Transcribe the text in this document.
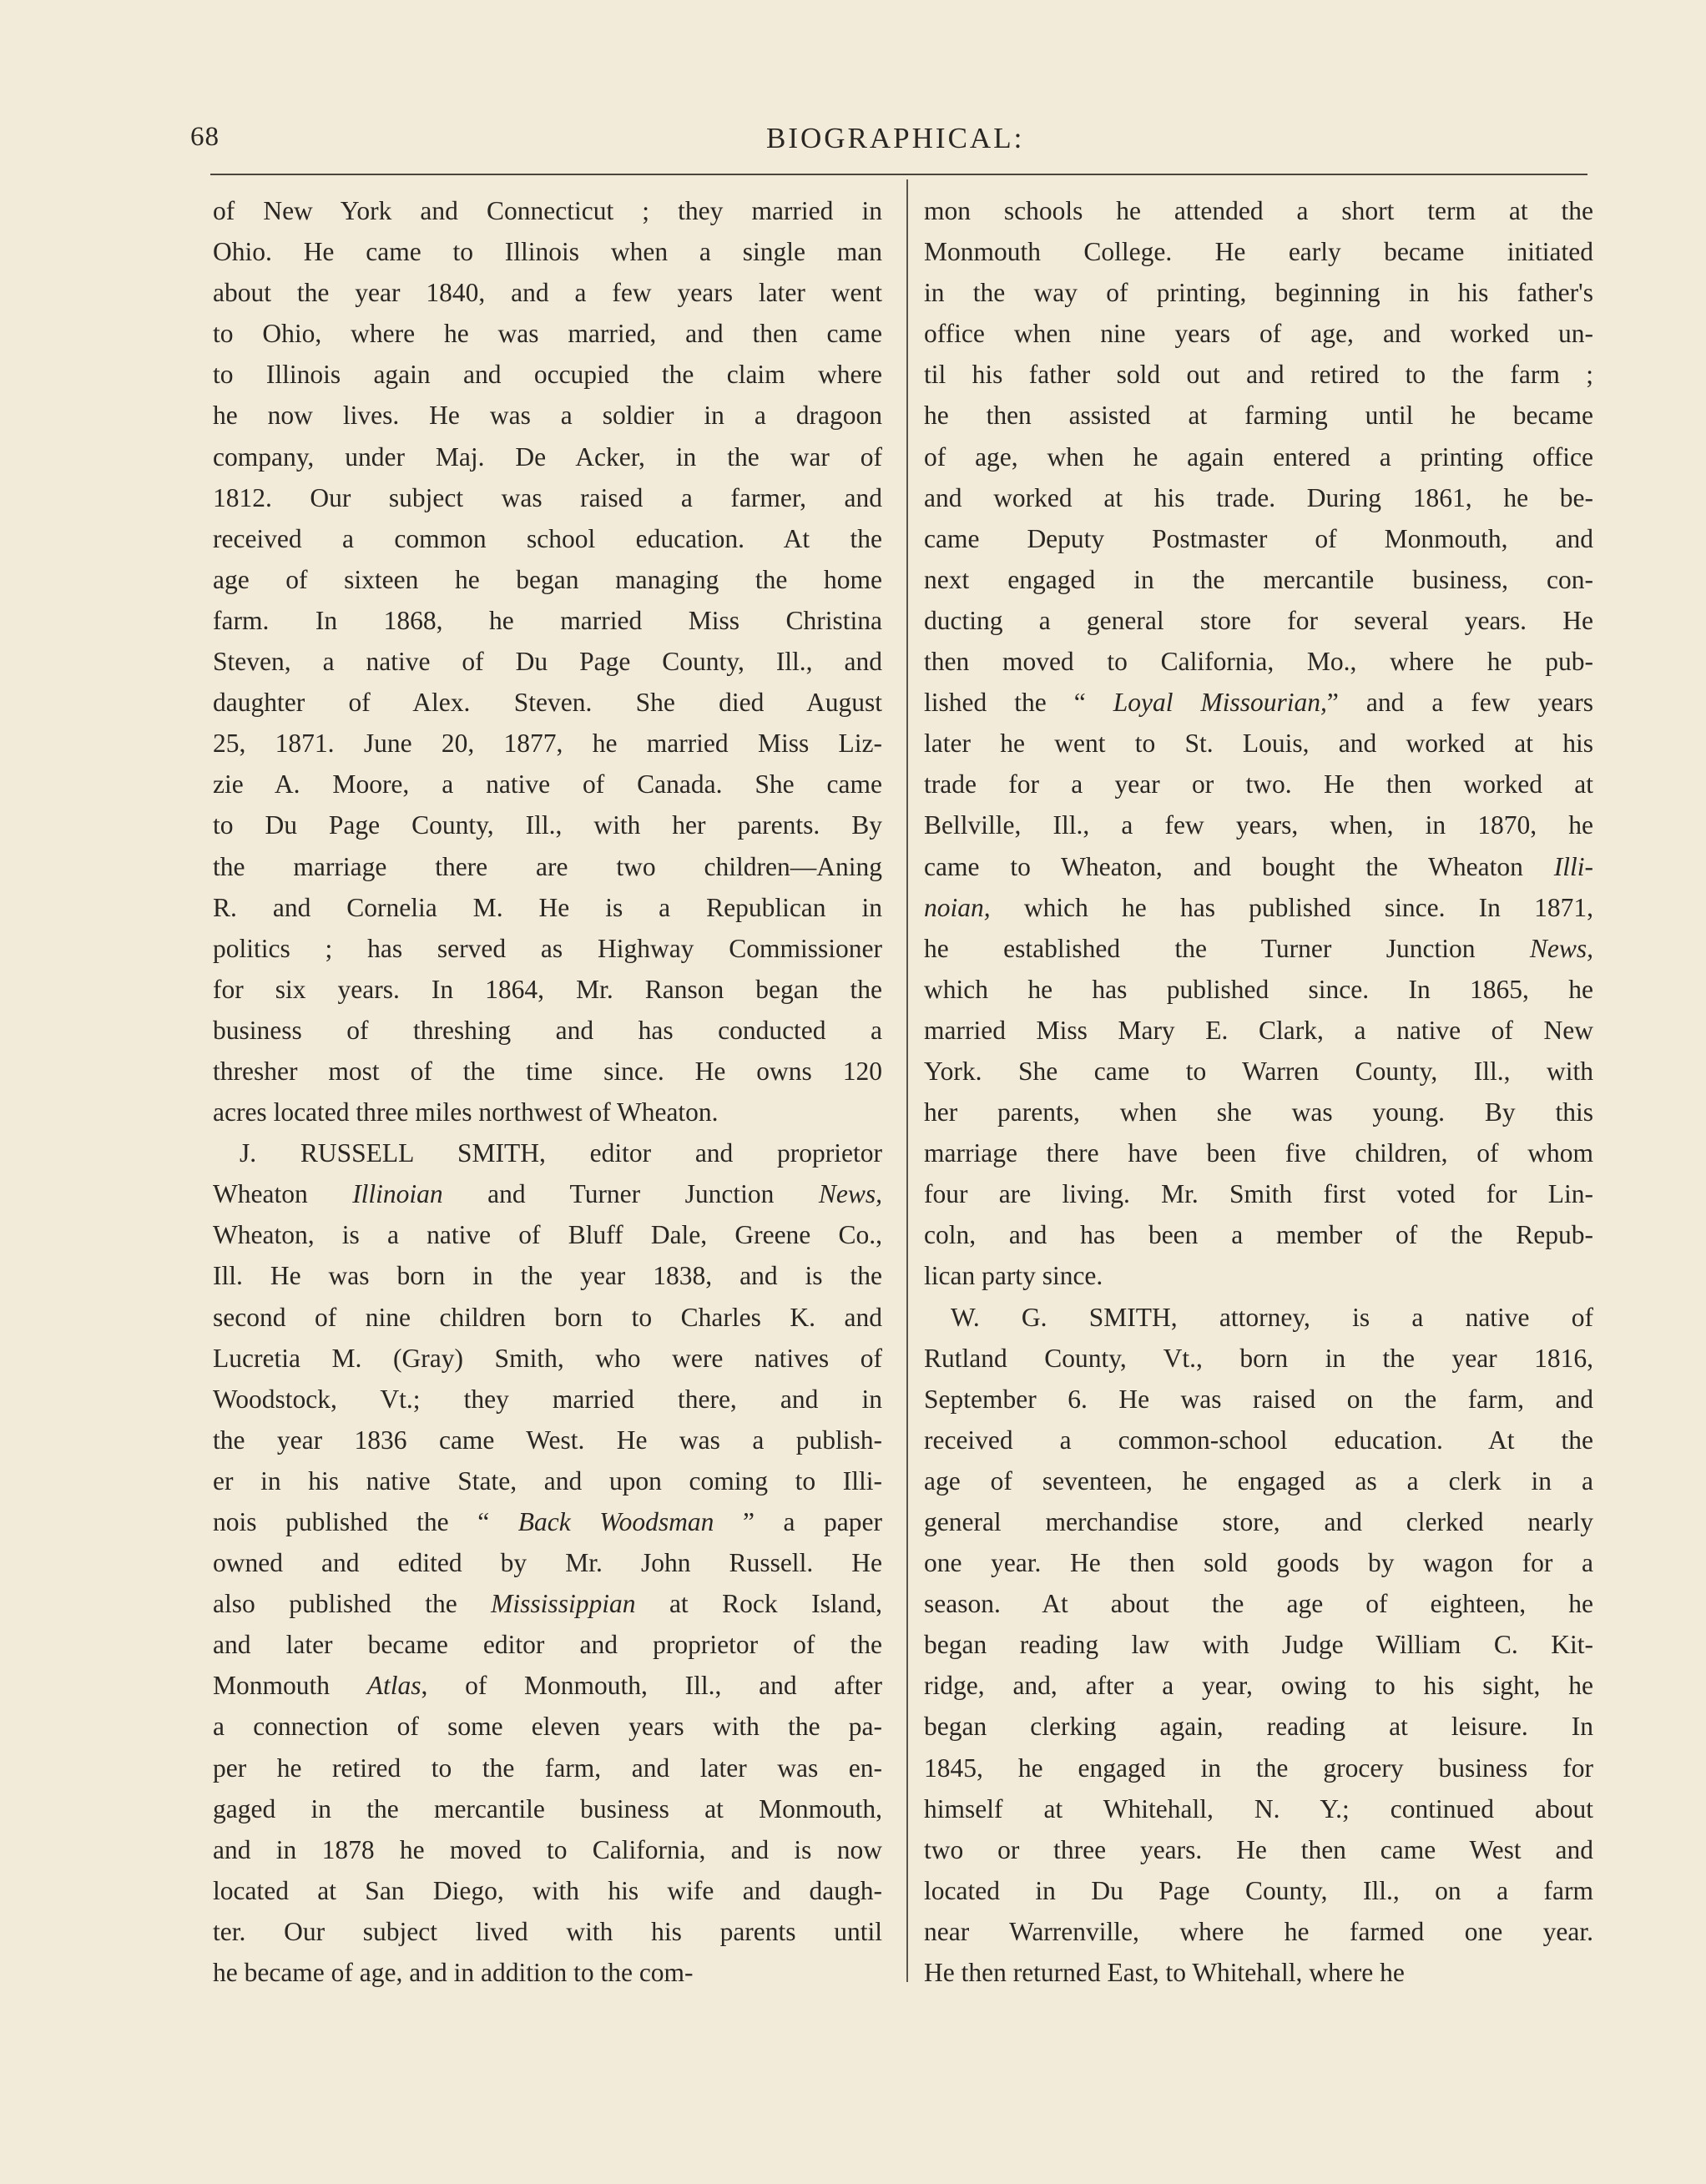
68	BIOGRAPHICAL:
of New York and Connecticut ; they married in
Ohio. He came to Illinois when a single man
about the year 1840, and a few years later went
to Ohio, where he was married, and then came
to Illinois again and occupied the claim where
he now lives. He was a soldier in a dragoon
company, under Maj. De Acker, in the war of
1812. Our subject was raised a farmer, and
received a common school education. At the
age of sixteen he began managing the home
farm. In 1868, he married Miss Christina
Steven, a native of Du Page County, Ill., and
daughter of Alex. Steven. She died August
25, 1871. June 20, 1877, he married Miss Liz-
zie A. Moore, a native of Canada. She came
to Du Page County, Ill., with her parents. By
the marriage there are two children—Aning
R. and Cornelia M. He is a Republican in
politics ; has served as Highway Commissioner
for six years. In 1864, Mr. Ranson began the
business of threshing and has conducted a
thresher most of the time since. He owns 120
acres located three miles northwest of Wheaton.
J. RUSSELL SMITH, editor and proprietor
Wheaton Illinoian and Turner Junction News,
Wheaton, is a native of Bluff Dale, Greene Co.,
Ill. He was born in the year 1838, and is the
second of nine children born to Charles K. and
Lucretia M. (Gray) Smith, who were natives of
Woodstock, Vt.; they married there, and in
the year 1836 came West. He was a publish-
er in his native State, and upon coming to Illi-
nois published the “ Back Woodsman ” a paper
owned and edited by Mr. John Russell. He
also published the Mississippian at Rock Island,
and later became editor and proprietor of the
Monmouth Atlas, of Monmouth, Ill., and after
a connection of some eleven years with the pa-
per he retired to the farm, and later was en-
gaged in the mercantile business at Monmouth,
and in 1878 he moved to California, and is now
located at San Diego, with his wife and daugh-
ter. Our subject lived with his parents until
he became of age, and in addition to the com-
mon schools he attended a short term at the
Monmouth College. He early became initiated
in the way of printing, beginning in his father's
office when nine years of age, and worked un-
til his father sold out and retired to the farm ;
he then assisted at farming until he became
of age, when he again entered a printing office
and worked at his trade. During 1861, he be-
came Deputy Postmaster of Monmouth, and
next engaged in the mercantile business, con-
ducting a general store for several years. He
then moved to California, Mo., where he pub-
lished the “ Loyal Missourian,” and a few years
later he went to St. Louis, and worked at his
trade for a year or two. He then worked at
Bellville, Ill., a few years, when, in 1870, he
came to Wheaton, and bought the Wheaton Illi-
noian, which he has published since. In 1871,
he established the Turner Junction News,
which he has published since. In 1865, he
married Miss Mary E. Clark, a native of New
York. She came to Warren County, Ill., with
her parents, when she was young. By this
marriage there have been five children, of whom
four are living. Mr. Smith first voted for Lin-
coln, and has been a member of the Repub-
lican party since.
W. G. SMITH, attorney, is a native of
Rutland County, Vt., born in the year 1816,
September 6. He was raised on the farm, and
received a common-school education. At the
age of seventeen, he engaged as a clerk in a
general merchandise store, and clerked nearly
one year. He then sold goods by wagon for a
season. At about the age of eighteen, he
began reading law with Judge William C. Kit-
ridge, and, after a year, owing to his sight, he
began clerking again, reading at leisure. In
1845, he engaged in the grocery business for
himself at Whitehall, N. Y.; continued about
two or three years. He then came West and
located in Du Page County, Ill., on a farm
near Warrenville, where he farmed one year.
He then returned East, to Whitehall, where he
